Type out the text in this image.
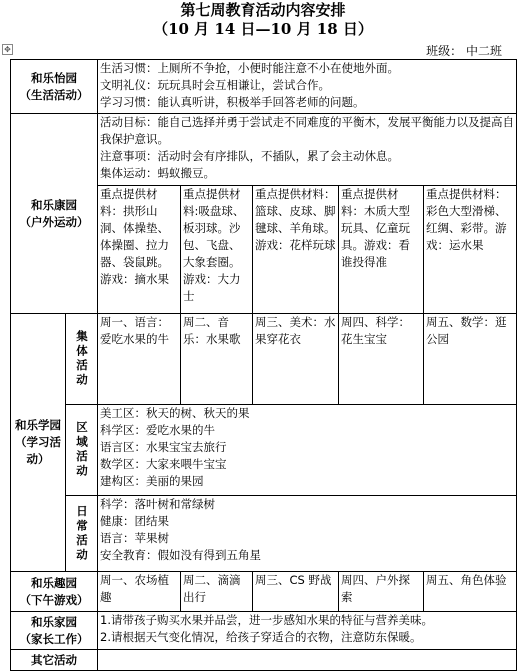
第七周教育活动内容安排
（10 月 14 日—10 月 18 日）
✥	班级： 中二班
和乐怡园
（生活活动）
生活习惯：上厕所不争抢，小便时能注意不小在使地外面。
文明礼仪：玩玩具时会互相谦让，尝试合作。
学习习惯：能认真听讲，积极举手回答老师的问题。
和乐康园
（户外运动）
活动目标：能自己选择并勇于尝试走不同难度的平衡木，发展平衡能力以及提高自我保护意识。
注意事项：活动时会有序排队，不插队，累了会主动休息。
集体运动：蚂蚁搬豆。
重点提供材料：拱形山洞、体操垫、体操圈、拉力器、袋鼠跳。游戏：摘水果
重点提供材料:吸盘球、板羽球。沙包、飞盘、大象套圈。游戏：大力士
重点提供材料：篮球、皮球、脚毽球、羊角球。游戏：花样玩球
重点提供材料：木质大型玩具、亿童玩具。游戏：看谁投得准
重点提供材料：彩色大型滑梯、红绸、彩带。游戏：运水果
和乐学园（学习活动）
集体活动
周一、语言：爱吃水果的牛
周二、音乐：水果歌
周三、美术：水果穿花衣
周四、科学：花生宝宝
周五、数学：逛公园
区域活动
美工区：秋天的树、秋天的果
科学区：爱吃水果的牛
语言区：水果宝宝去旅行
数学区：大家来喂牛宝宝
建构区：美丽的果园
日常活动
科学：落叶树和常绿树
健康：团结果
语言：苹果树
安全教育：假如没有得到五角星
和乐趣园
（下午游戏）
周一、农场植趣
周二、滴滴出行
周三、CS 野战 周四、户外探索
周五、角色体验
和乐家园
（家长工作）
1.请带孩子购买水果并品尝，进一步感知水果的特征与营养美味。
2.请根据天气变化情况，给孩子穿适合的衣物，注意防东保暖。
其它活动
